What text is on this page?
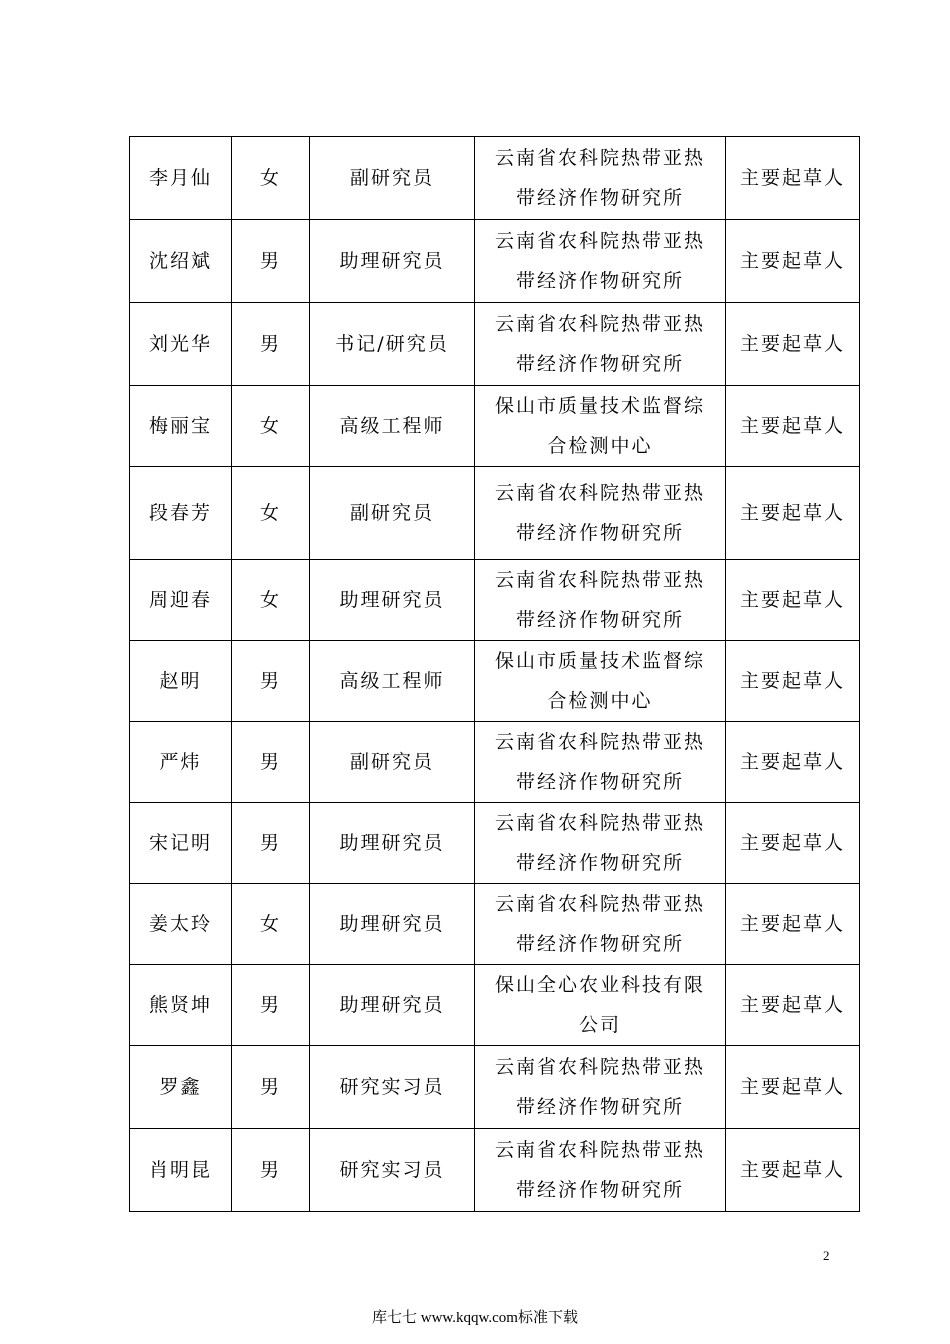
李月仙	女	副研究员	云南省农科院热带亚热带经济作物研究所	主要起草人
沈绍斌	男	助理研究员	云南省农科院热带亚热带经济作物研究所	主要起草人
刘光华	男	书记/研究员	云南省农科院热带亚热带经济作物研究所	主要起草人
梅丽宝	女	高级工程师	保山市质量技术监督综合检测中心	主要起草人
段春芳	女	副研究员	云南省农科院热带亚热带经济作物研究所	主要起草人
周迎春	女	助理研究员	云南省农科院热带亚热带经济作物研究所	主要起草人
赵明	男	高级工程师	保山市质量技术监督综合检测中心	主要起草人
严炜	男	副研究员	云南省农科院热带亚热带经济作物研究所	主要起草人
宋记明	男	助理研究员	云南省农科院热带亚热带经济作物研究所	主要起草人
姜太玲	女	助理研究员	云南省农科院热带亚热带经济作物研究所	主要起草人
熊贤坤	男	助理研究员	保山全心农业科技有限公司	主要起草人
罗鑫	男	研究实习员	云南省农科院热带亚热带经济作物研究所	主要起草人
肖明昆	男	研究实习员	云南省农科院热带亚热带经济作物研究所	主要起草人
2
库七七 www.kqqw.com标准下载
